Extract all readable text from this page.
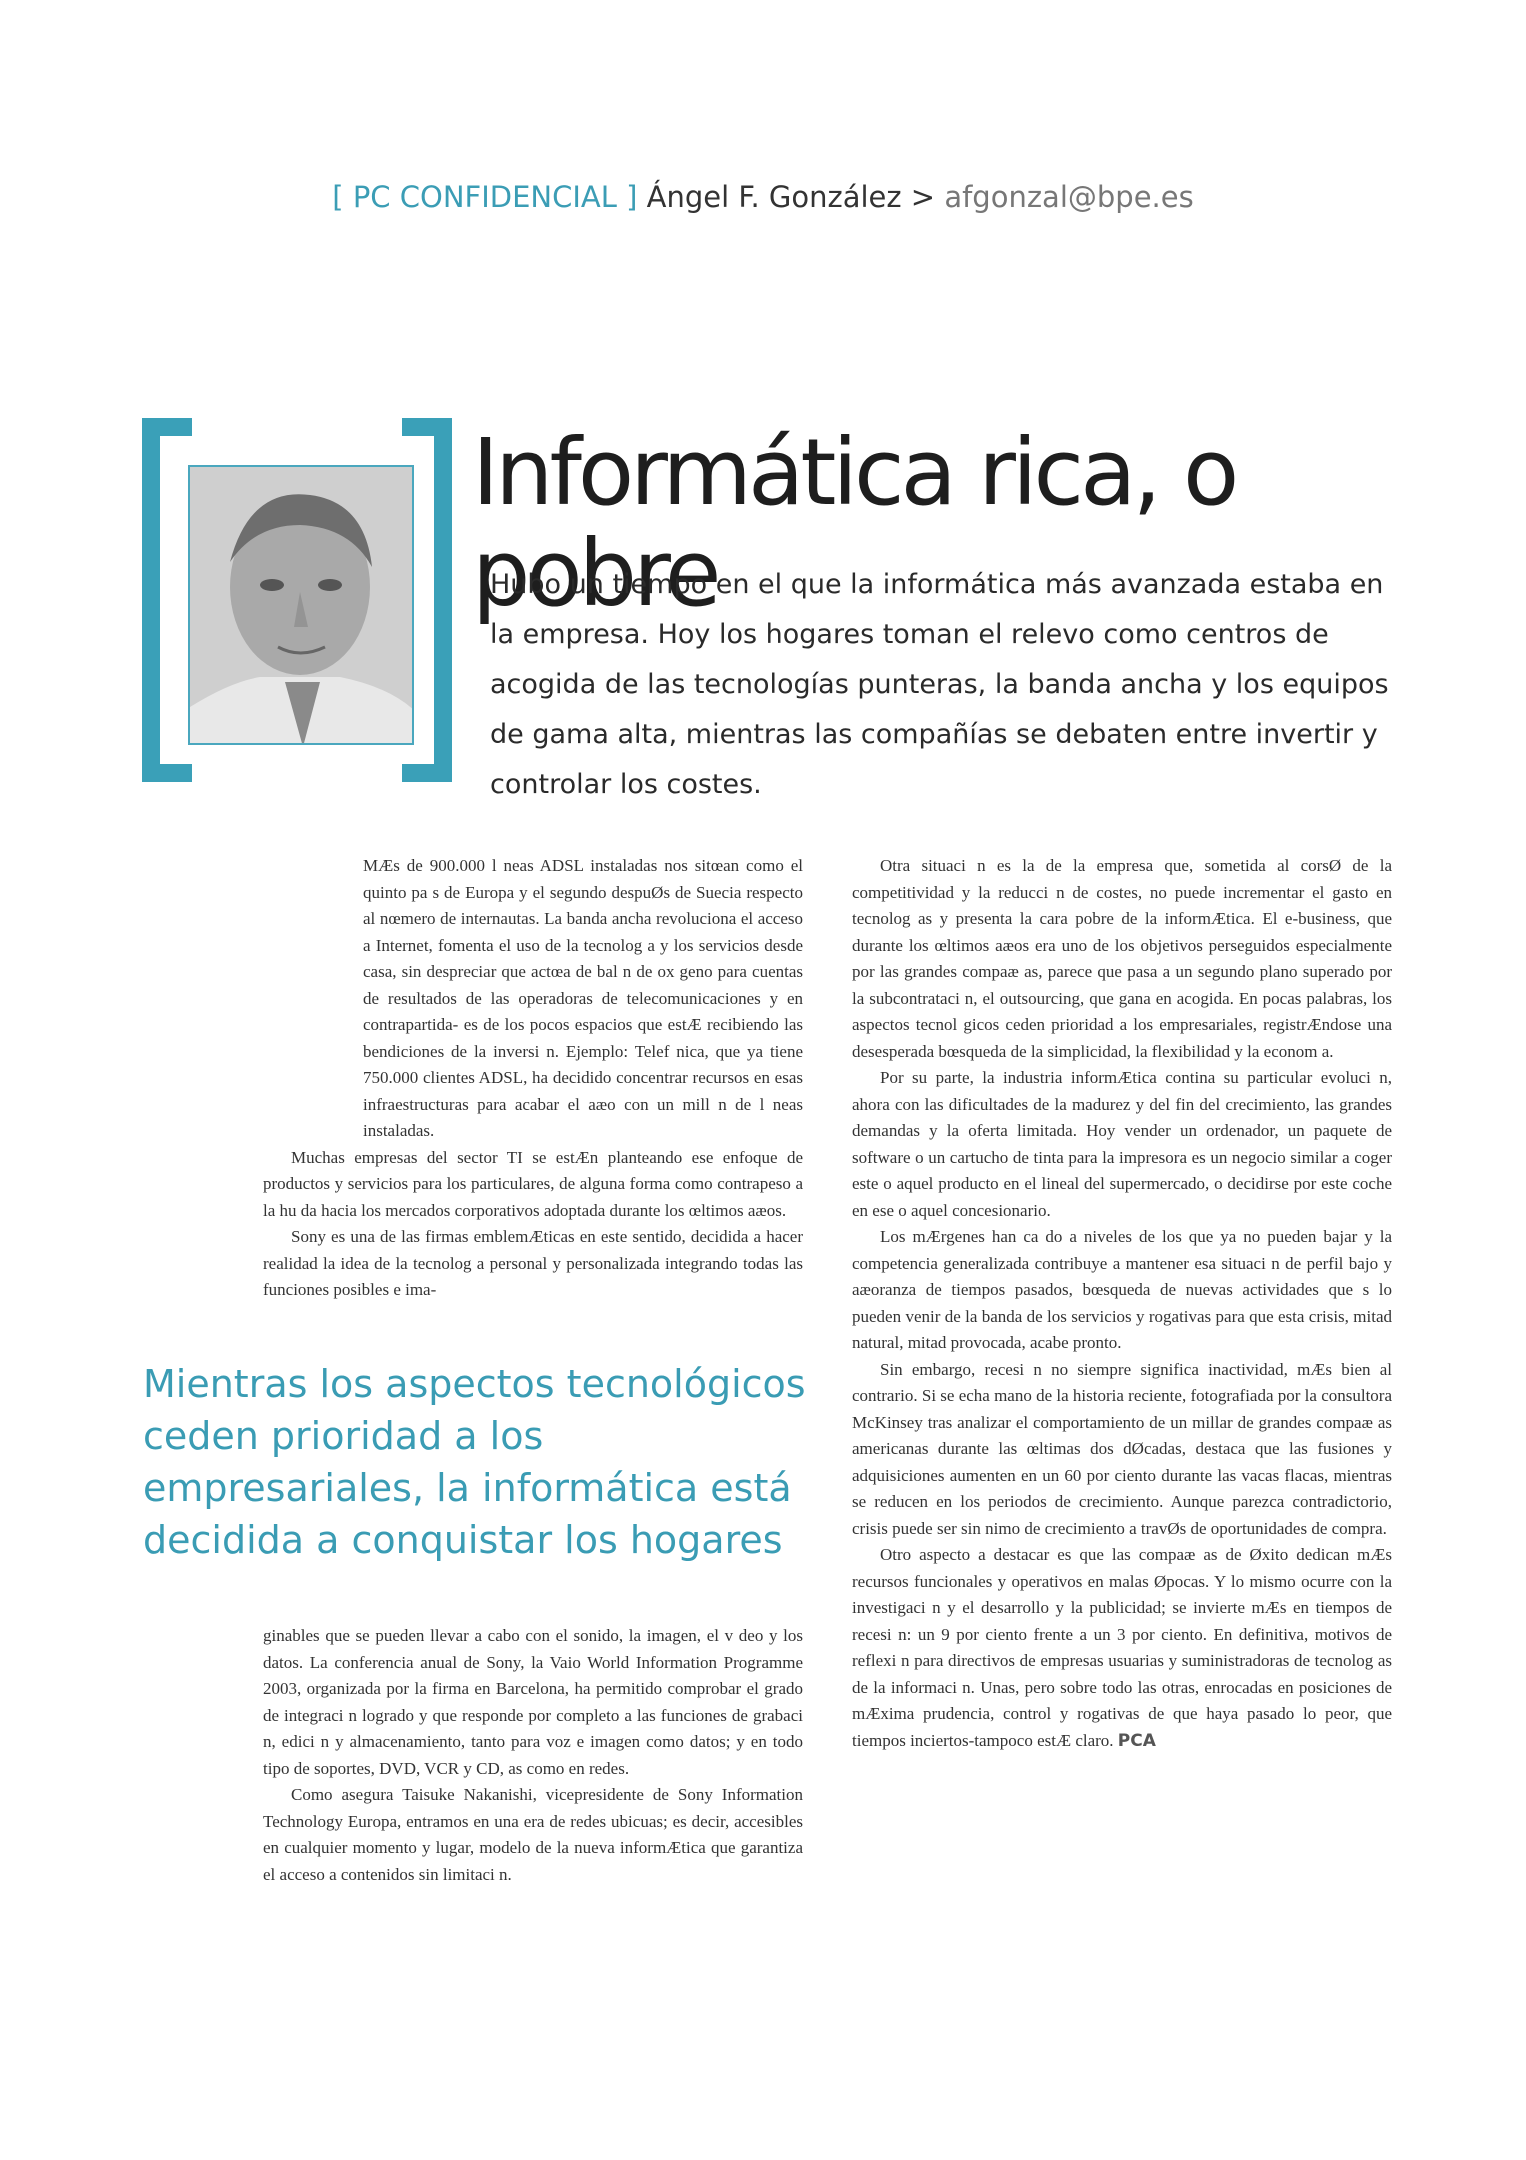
[ PC CONFIDENCIAL ] Ángel F. González > afgonzal@bpe.es
Informática rica, o pobre

Hubo un tiempo en el que la informática más avanzada estaba en la empresa. Hoy los hogares toman el relevo como centros de acogida de las tecnologías punteras, la banda ancha y los equipos de gama alta, mientras las compañías se debaten entre invertir y controlar los costes.

MÆs de 900.000 l neas ADSL instaladas nos sitœan como el quinto pa s de Europa y el segundo despuØs de Suecia respecto al nœmero de internautas. La banda ancha revoluciona el acceso a Internet, fomenta el uso de la tecnolog a y los servicios desde casa, sin despreciar que actœa de bal n de ox geno para cuentas de resultados de las operadoras de telecomunicaciones y en contrapartida- es de los pocos espacios que estÆ recibiendo las bendiciones de la inversi n. Ejemplo: Telef nica, que ya tiene 750.000 clientes ADSL, ha decidido concentrar recursos en esas infraestructuras para acabar el aæo con un mill n de l neas instaladas.

Muchas empresas del sector TI se estÆn planteando ese enfoque de productos y servicios para los particulares, de alguna forma como contrapeso a la hu da hacia los mercados corporativos adoptada durante los œltimos aæos.

Sony es una de las firmas emblemÆticas en este sentido, decidida a hacer realidad la idea de la tecnolog a personal y personalizada integrando todas las funciones posibles e ima-

Mientras los aspectos tecnológicos ceden prioridad a los empresariales, la informática está decidida a conquistar los hogares

ginables que se pueden llevar a cabo con el sonido, la imagen, el v deo y los datos. La conferencia anual de Sony, la Vaio World Information Programme 2003, organizada por la firma en Barcelona, ha permitido comprobar el grado de integraci n logrado y que responde por completo a las funciones de grabaci n, edici n y almacenamiento, tanto para voz e imagen como datos; y en todo tipo de soportes, DVD, VCR y CD, as como en redes.

Como asegura Taisuke Nakanishi, vicepresidente de Sony Information Technology Europa, entramos en una era de redes ubicuas; es decir, accesibles en cualquier momento y lugar, modelo de la nueva informÆtica que garantiza el acceso a contenidos sin limitaci n.

Otra situaci n es la de la empresa que, sometida al corsØ de la competitividad y la reducci n de costes, no puede incrementar el gasto en tecnolog as y presenta la cara pobre de la informÆtica. El e-business, que durante los œltimos aæos era uno de los objetivos perseguidos especialmente por las grandes compaæ as, parece que pasa a un segundo plano superado por la subcontrataci n, el outsourcing, que gana en acogida. En pocas palabras, los aspectos tecnol gicos ceden prioridad a los empresariales, registrÆndose una desesperada bœsqueda de la simplicidad, la flexibilidad y la econom a.

Por su parte, la industria informÆtica contina su particular evoluci n, ahora con las dificultades de la madurez y del fin del crecimiento, las grandes demandas y la oferta limitada. Hoy vender un ordenador, un paquete de software o un cartucho de tinta para la impresora es un negocio similar a coger este o aquel producto en el lineal del supermercado, o decidirse por este coche en ese o aquel concesionario.

Los mÆrgenes han ca do a niveles de los que ya no pueden bajar y la competencia generalizada contribuye a mantener esa situaci n de perfil bajo y aæoranza de tiempos pasados, bœsqueda de nuevas actividades que s lo pueden venir de la banda de los servicios y rogativas para que esta crisis, mitad natural, mitad provocada, acabe pronto.

Sin embargo, recesi n no siempre significa inactividad, mÆs bien al contrario. Si se echa mano de la historia reciente, fotografiada por la consultora McKinsey tras analizar el comportamiento de un millar de grandes compaæ as americanas durante las œltimas dos dØcadas, destaca que las fusiones y adquisiciones aumenten en un 60 por ciento durante las vacas flacas, mientras se reducen en los periodos de crecimiento. Aunque parezca contradictorio, crisis puede ser sin nimo de crecimiento a travØs de oportunidades de compra.

Otro aspecto a destacar es que las compaæ as de Øxito dedican mÆs recursos funcionales y operativos en malas Øpocas. Y lo mismo ocurre con la investigaci n y el desarrollo y la publicidad; se invierte mÆs en tiempos de recesi n: un 9 por ciento frente a un 3 por ciento. En definitiva, motivos de reflexi n para directivos de empresas usuarias y suministradoras de tecnolog as de la informaci n. Unas, pero sobre todo las otras, enrocadas en posiciones de mÆxima prudencia, control y rogativas de que haya pasado lo peor, que tiempos inciertos-tampoco estÆ claro. PCA
